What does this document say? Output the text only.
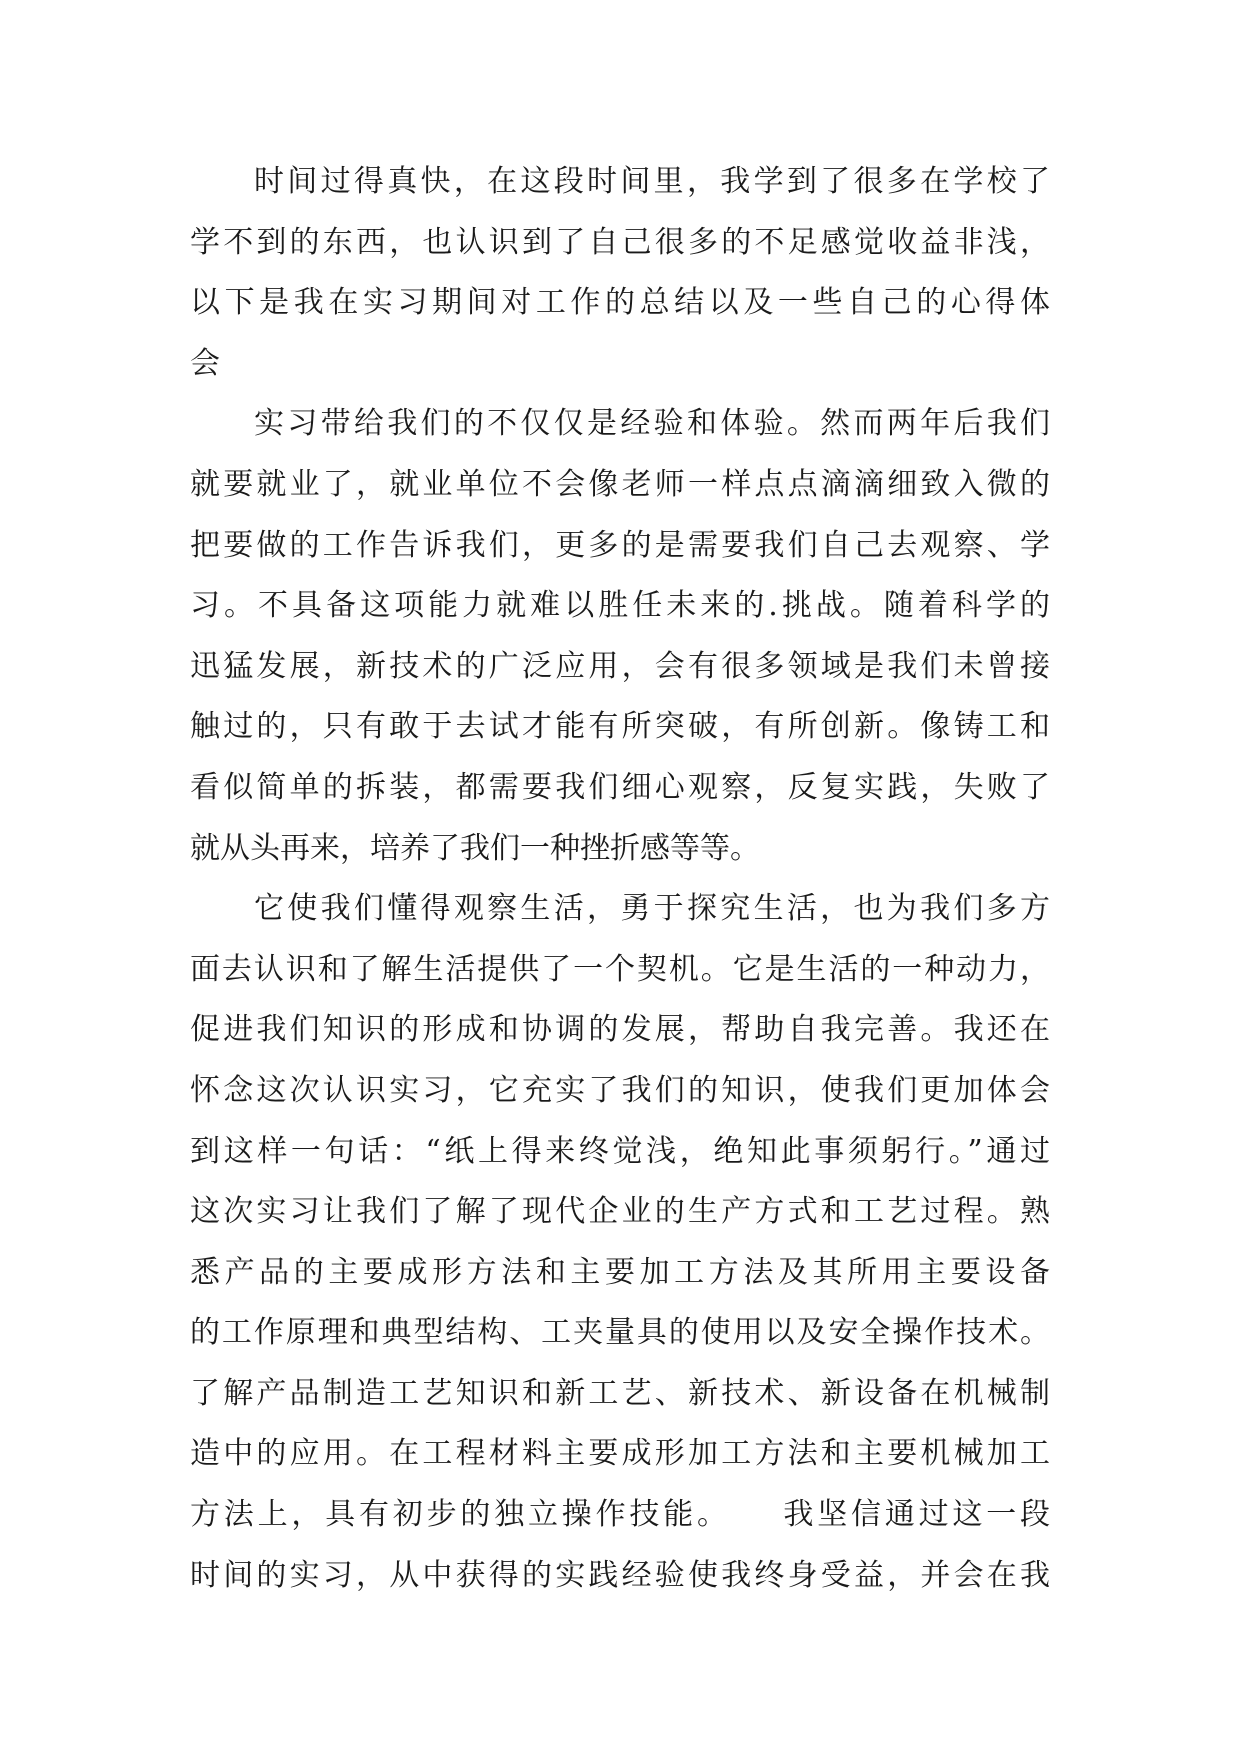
时间过得真快，在这段时间里，我学到了很多在学校了
学不到的东西，也认识到了自己很多的不足感觉收益非浅，
以下是我在实习期间对工作的总结以及一些自己的心得体
会
实习带给我们的不仅仅是经验和体验。然而两年后我们
就要就业了，就业单位不会像老师一样点点滴滴细致入微的
把要做的工作告诉我们，更多的是需要我们自己去观察、学
习。不具备这项能力就难以胜任未来的.挑战。随着科学的
迅猛发展，新技术的广泛应用，会有很多领域是我们未曾接
触过的，只有敢于去试才能有所突破，有所创新。像铸工和
看似简单的拆装，都需要我们细心观察，反复实践，失败了
就从头再来，培养了我们一种挫折感等等。
它使我们懂得观察生活，勇于探究生活，也为我们多方
面去认识和了解生活提供了一个契机。它是生活的一种动力，
促进我们知识的形成和协调的发展，帮助自我完善。我还在
怀念这次认识实习，它充实了我们的知识，使我们更加体会
到这样一句话：“纸上得来终觉浅，绝知此事须躬行。”通过
这次实习让我们了解了现代企业的生产方式和工艺过程。熟
悉产品的主要成形方法和主要加工方法及其所用主要设备
的工作原理和典型结构、工夹量具的使用以及安全操作技术。
了解产品制造工艺知识和新工艺、新技术、新设备在机械制
造中的应用。在工程材料主要成形加工方法和主要机械加工
方法上，具有初步的独立操作技能。　　我坚信通过这一段
时间的实习，从中获得的实践经验使我终身受益，并会在我
